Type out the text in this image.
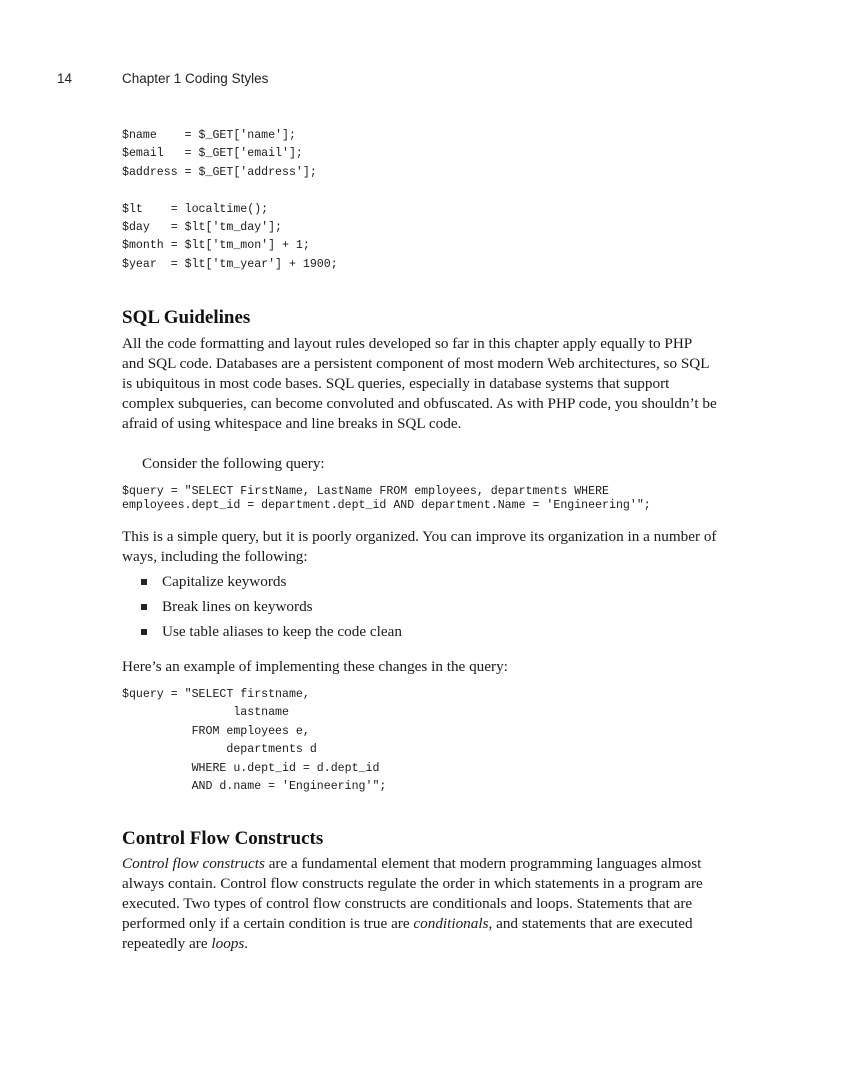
14	Chapter 1 Coding Styles
$name    = $_GET['name'];
$email   = $_GET['email'];
$address = $_GET['address'];

$lt    = localtime();
$day   = $lt['tm_day'];
$month = $lt['tm_mon'] + 1;
$year  = $lt['tm_year'] + 1900;
SQL Guidelines

All the code formatting and layout rules developed so far in this chapter apply equally to PHP and SQL code. Databases are a persistent component of most modern Web architectures, so SQL is ubiquitous in most code bases. SQL queries, especially in database systems that support complex subqueries, can become convoluted and obfuscated. As with PHP code, you shouldn’t be afraid of using whitespace and line breaks in SQL code.

Consider the following query:

$query = "SELECT FirstName, LastName FROM employees, departments WHERE
employees.dept_id = department.dept_id AND department.Name = 'Engineering'";

This is a simple query, but it is poorly organized. You can improve its organization in a number of ways, including the following:

Capitalize keywords
Break lines on keywords
Use table aliases to keep the code clean

Here’s an example of implementing these changes in the query:

$query = "SELECT firstname,
lastname
FROM employees e,
departments d
WHERE u.dept_id = d.dept_id
AND d.name = 'Engineering'";
Control Flow Constructs

Control flow constructs are a fundamental element that modern programming languages almost always contain. Control flow constructs regulate the order in which statements in a program are executed. Two types of control flow constructs are conditionals and loops. Statements that are performed only if a certain condition is true are conditionals, and statements that are executed repeatedly are loops.
